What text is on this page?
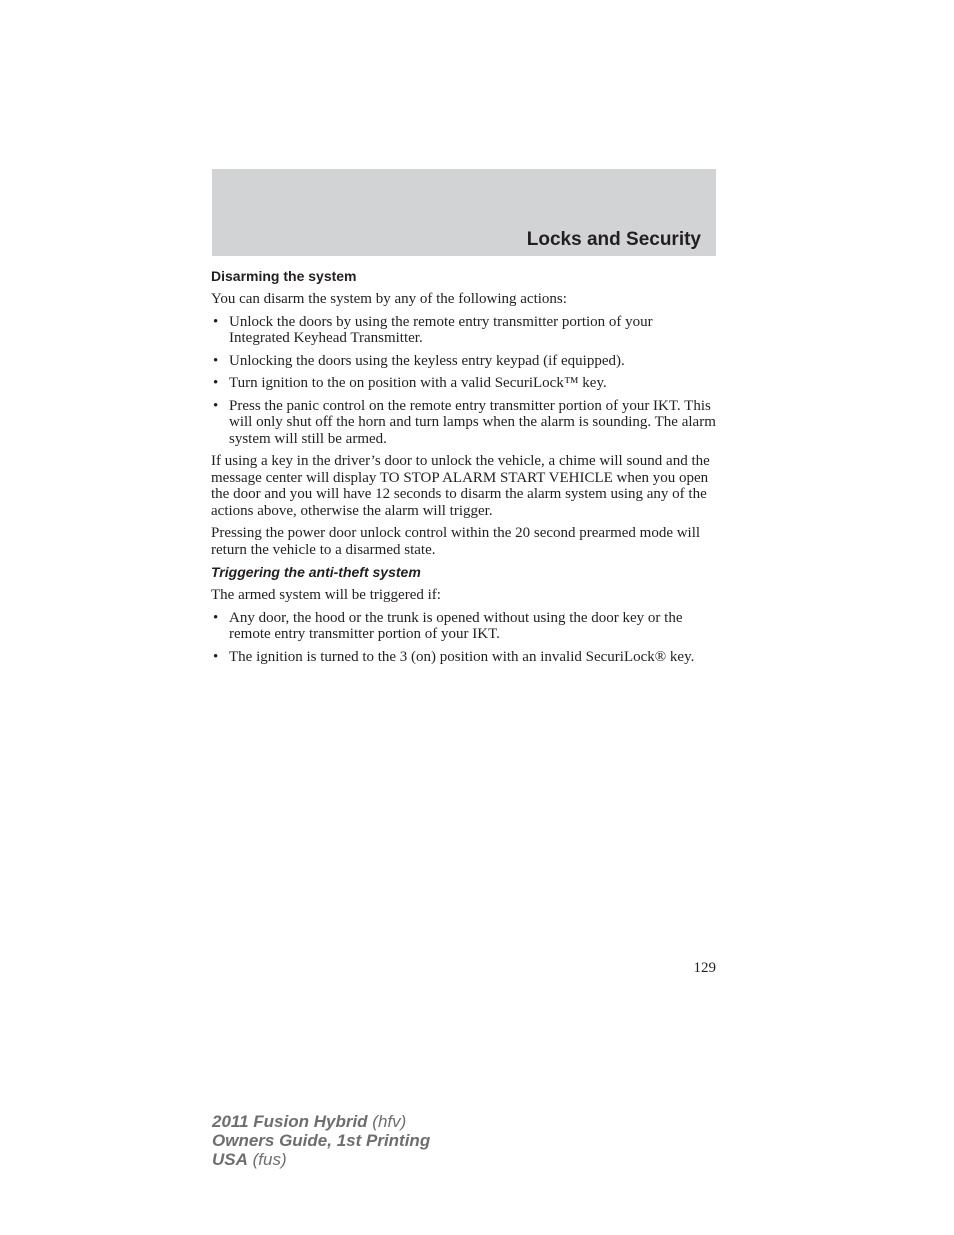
Locks and Security
Disarming the system

You can disarm the system by any of the following actions:

• Unlock the doors by using the remote entry transmitter portion of your Integrated Keyhead Transmitter.
• Unlocking the doors using the keyless entry keypad (if equipped).
• Turn ignition to the on position with a valid SecuriLock™ key.
• Press the panic control on the remote entry transmitter portion of your IKT. This will only shut off the horn and turn lamps when the alarm is sounding. The alarm system will still be armed.

If using a key in the driver’s door to unlock the vehicle, a chime will sound and the message center will display TO STOP ALARM START VEHICLE when you open the door and you will have 12 seconds to disarm the alarm system using any of the actions above, otherwise the alarm will trigger.

Pressing the power door unlock control within the 20 second prearmed mode will return the vehicle to a disarmed state.

Triggering the anti-theft system

The armed system will be triggered if:

• Any door, the hood or the trunk is opened without using the door key or the remote entry transmitter portion of your IKT.
• The ignition is turned to the 3 (on) position with an invalid SecuriLock® key.
129
2011 Fusion Hybrid (hfv)
Owners Guide, 1st Printing
USA (fus)
